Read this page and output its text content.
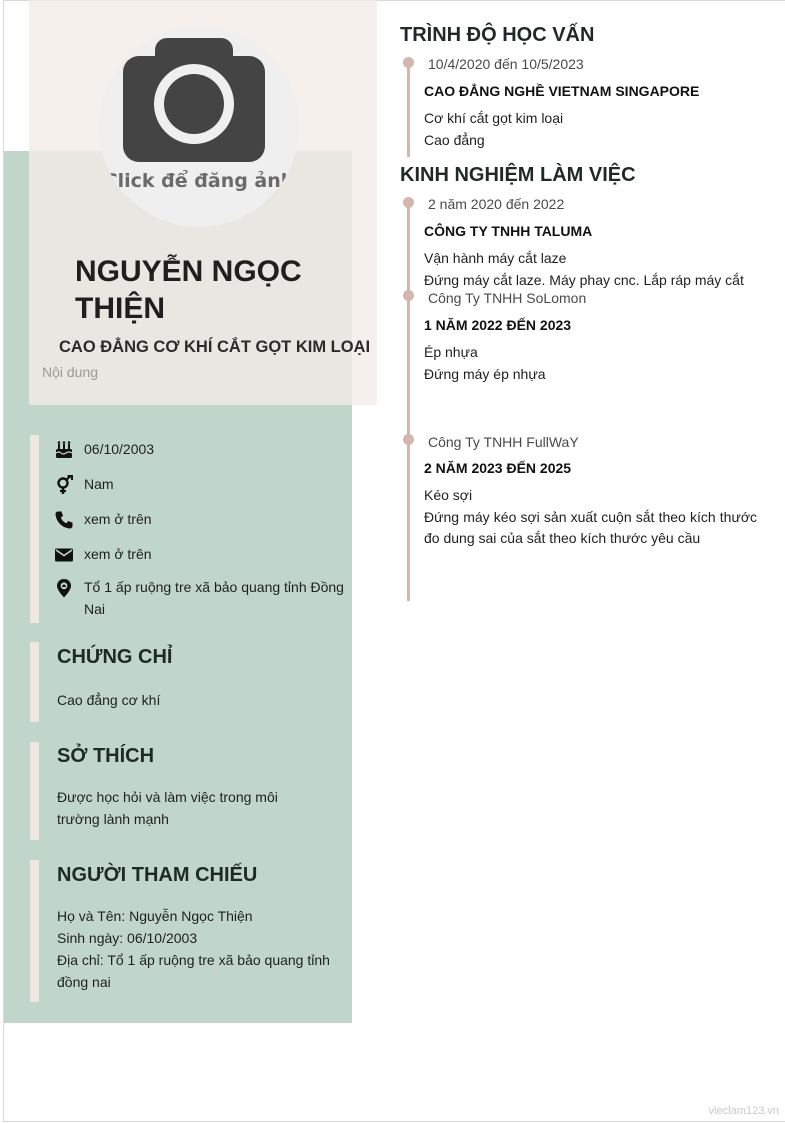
Click để đăng ảnh
NGUYỄN NGỌC THIỆN
CAO ĐẲNG CƠ KHÍ CẮT GỌT KIM LOẠI
Nội dung
06/10/2003
Nam
xem ở trên
xem ở trên
Tổ 1 ấp ruộng tre xã bảo quang tỉnh Đồng Nai
CHỨNG CHỈ
Cao đẳng cơ khí
SỞ THÍCH
Được học hỏi và làm việc trong môi trường lành mạnh
NGƯỜI THAM CHIẾU
Họ và Tên: Nguyễn Ngọc Thiện
Sinh ngày: 06/10/2003
Địa chỉ: Tổ 1 ấp ruộng tre xã bảo quang tỉnh đồng nai
TRÌNH ĐỘ HỌC VẤN
10/4/2020 đến 10/5/2023
CAO ĐẲNG NGHỀ VIETNAM SINGAPORE
Cơ khí cắt gọt kim loại
Cao đẳng
KINH NGHIỆM LÀM VIỆC
2 năm 2020 đến 2022
CÔNG TY TNHH TALUMA
Vận hành máy cắt laze
Đứng máy cắt laze. Máy phay cnc. Lắp ráp máy cắt
Công Ty TNHH SoLomon
1 NĂM 2022 ĐẾN 2023
Ép nhựa
Đứng máy ép nhựa
Công Ty TNHH FullWaY
2 NĂM 2023 ĐẾN 2025
Kéo sợi
Đứng máy kéo sợi sản xuất cuộn sắt theo kích thước đo dung sai của sắt theo kích thước yêu cầu
vieclam123.vn
